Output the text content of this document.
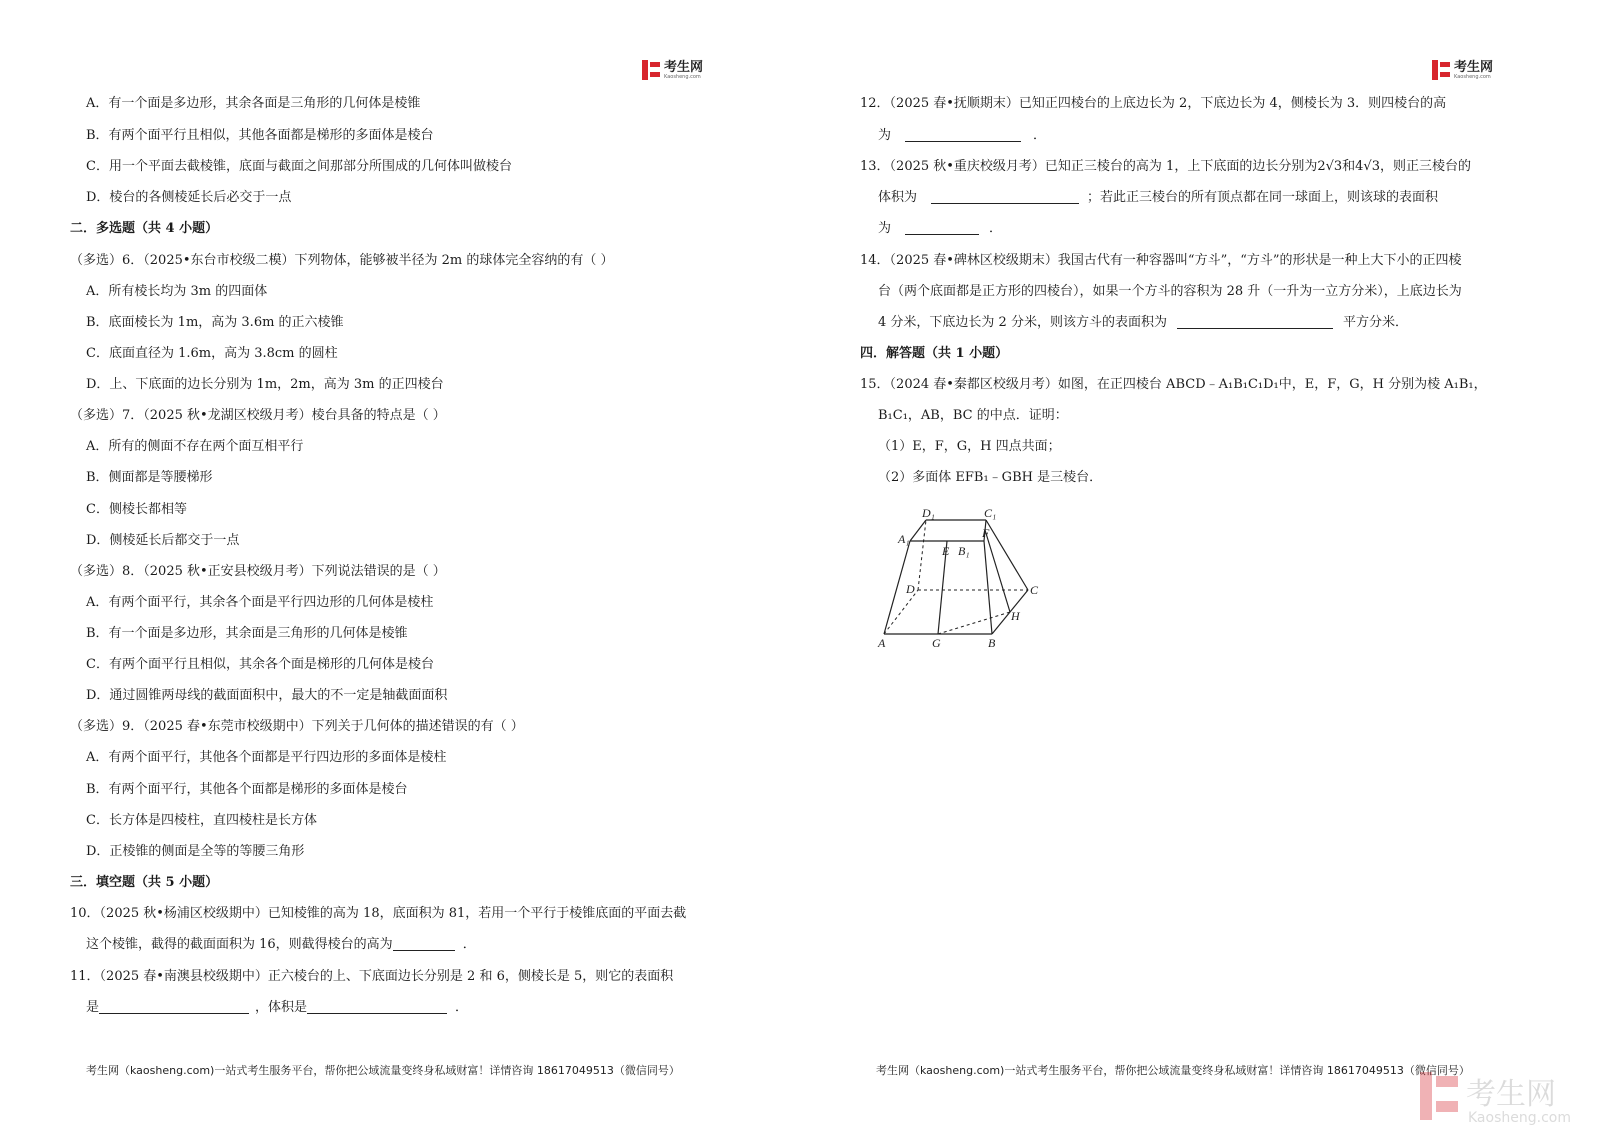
考生网
Kaosheng.com
A．有一个面是多边形，其余各面是三角形的几何体是棱锥
B．有两个面平行且相似，其他各面都是梯形的多面体是棱台
C．用一个平面去截棱锥，底面与截面之间那部分所围成的几何体叫做棱台
D．棱台的各侧棱延长后必交于一点
二．多选题（共 4 小题）
（多选）6．（2025•东台市校级二模）下列物体，能够被半径为 2m 的球体完全容纳的有（ ）
A．所有棱长均为 3m 的四面体
B．底面棱长为 1m，高为 3.6m 的正六棱锥
C．底面直径为 1.6m，高为 3.8cm 的圆柱
D．上、下底面的边长分别为 1m，2m，高为 3m 的正四棱台
（多选）7．（2025 秋•龙湖区校级月考）棱台具备的特点是（ ）
A．所有的侧面不存在两个面互相平行
B．侧面都是等腰梯形
C．侧棱长都相等
D．侧棱延长后都交于一点
（多选）8．（2025 秋•正安县校级月考）下列说法错误的是（ ）
A．有两个面平行，其余各个面是平行四边形的几何体是棱柱
B．有一个面是多边形，其余面是三角形的几何体是棱锥
C．有两个面平行且相似，其余各个面是梯形的几何体是棱台
D．通过圆锥两母线的截面面积中，最大的不一定是轴截面面积
（多选）9．（2025 春•东莞市校级期中）下列关于几何体的描述错误的有（ ）
A．有两个面平行，其他各个面都是平行四边形的多面体是棱柱
B．有两个面平行，其他各个面都是梯形的多面体是棱台
C．长方体是四棱柱，直四棱柱是长方体
D．正棱锥的侧面是全等的等腰三角形
三．填空题（共 5 小题）
10．（2025 秋•杨浦区校级期中）已知棱锥的高为 18，底面积为 81，若用一个平行于棱锥底面的平面去截
这个棱锥，截得的截面面积为 16，则截得棱台的高为	．
11．（2025 春•南澳县校级期中）正六棱台的上、下底面边长分别是 2 和 6，侧棱长是 5，则它的表面积
是	，体积是	．
考生网（kaosheng.com)一站式考生服务平台，帮你把公域流量变终身私域财富！详情咨询 18617049513（微信同号）
考生网
Kaosheng.com
12．（2025 春•抚顺期末）已知正四棱台的上底边长为 2，下底边长为 4，侧棱长为 3．则四棱台的高
为	．
13．（2025 秋•重庆校级月考）已知正三棱台的高为 1，上下底面的边长分别为2√3和4√3，则正三棱台的
体积为	；若此正三棱台的所有顶点都在同一球面上，则该球的表面积
为	．
14．（2025 春•碑林区校级期末）我国古代有一种容器叫“方斗”，“方斗”的形状是一种上大下小的正四棱
台（两个底面都是正方形的四棱台），如果一个方斗的容积为 28 升（一升为一立方分米），上底边长为
4 分米，下底边长为 2 分米，则该方斗的表面积为	平方分米．
四．解答题（共 1 小题）
15．（2024 春•秦都区校级月考）如图，在正四棱台 ABCD﹣A₁B₁C₁D₁中，E，F，G，H 分别为棱 A₁B₁，
B₁C₁，AB，BC 的中点．证明：
（1）E，F，G，H 四点共面；
（2）多面体 EFB₁﹣GBH 是三棱台．
考生网（kaosheng.com)一站式考生服务平台，帮你把公域流量变终身私域财富！详情咨询 18617049513（微信同号）
D₁	C₁
A₁
E B₁
F
D	C
H
A	G	B
考生网
Kaosheng.com
